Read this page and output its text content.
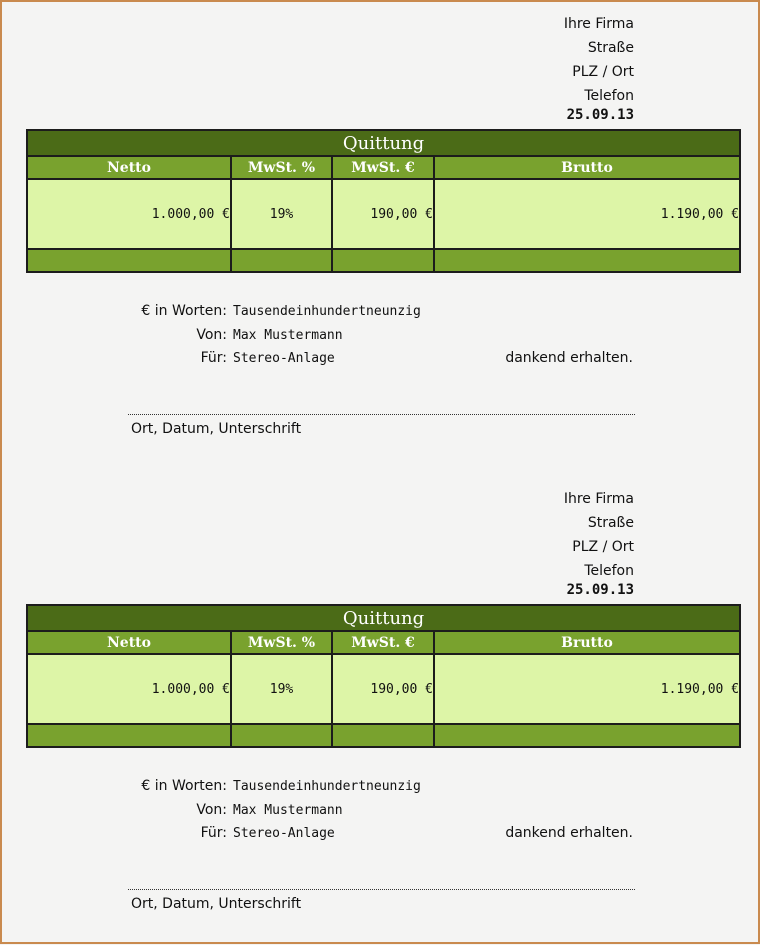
Ihre Firma
Straße
PLZ / Ort
Telefon
25.09.13
Quittung			
Netto	MwSt. %	MwSt. €	Brutto
1.000,00 €	19%	190,00 €	1.190,00 €

€ in Worten: Tausendeinhundertneunzig
Von: Max Mustermann
Für: Stereo-Anlage	dankend erhalten.
Ort, Datum, Unterschrift
Ihre Firma
Straße
PLZ / Ort
Telefon
25.09.13
Quittung			
Netto	MwSt. %	MwSt. €	Brutto
1.000,00 €	19%	190,00 €	1.190,00 €

€ in Worten: Tausendeinhundertneunzig
Von: Max Mustermann
Für: Stereo-Anlage	dankend erhalten.
Ort, Datum, Unterschrift
